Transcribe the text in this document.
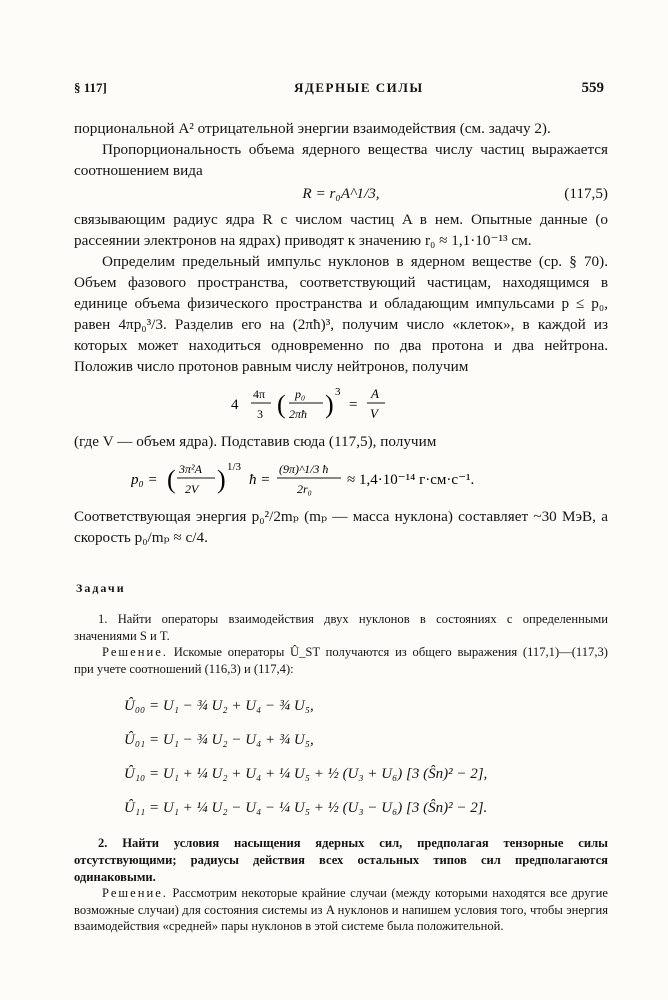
§ 117]	ЯДЕРНЫЕ СИЛЫ	559

порциональной A² отрицательной энергии взаимодействия (см. задачу 2).

Пропорциональность объема ядерного вещества числу частиц выражается соотношением вида

R = r₀A^1/3,	(117,5)

связывающим радиус ядра R с числом частиц A в нем. Опытные данные (о рассеянии электронов на ядрах) приводят к значению r₀ ≈ 1,1·10⁻¹³ см.

Определим предельный импульс нуклонов в ядерном веществе (ср. § 70). Объем фазового пространства, соответствующий частицам, находящимся в единице объема физического пространства и обладающим импульсами p ≤ p₀, равен 4πp₀³/3. Разделив его на (2πħ)³, получим число «клеток», в каждой из которых может находиться одновременно по два протона и два нейтрона. Положив число протонов равным числу нейтронов, получим

4
4π
3 ( p₀
2πħ ) 3
=
A
V

(где V — объем ядра). Подставив сюда (117,5), получим

p₀ = ( 3π²A
2V ) 1/3
ħ =
(9π)^1/3 ħ
2r₀
≈ 1,4·10⁻¹⁴ г·см·с⁻¹.

Соответствующая энергия p₀²/2mₚ (mₚ — масса нуклона) составляет ~30 МэВ, а скорость p₀/mₚ ≈ c/4.

Задачи

1. Найти операторы взаимодействия двух нуклонов в состояниях с определенными значениями S и T.

Решение. Искомые операторы Û_ST получаются из общего выражения (117,1)—(117,3) при учете соотношений (116,3) и (117,4):

Û₀₀ = U₁ − ¾ U₂ + U₄ − ¾ U₅,
Û₀₁ = U₁ − ¾ U₂ − U₄ + ¾ U₅,
Û₁₀ = U₁ + ¼ U₂ + U₄ + ¼ U₅ + ½ (U₃ + U₆) [3 (Ŝn)² − 2],
Û₁₁ = U₁ + ¼ U₂ − U₄ − ¼ U₅ + ½ (U₃ − U₆) [3 (Ŝn)² − 2].

2. Найти условия насыщения ядерных сил, предполагая тензорные силы отсутствующими; радиусы действия всех остальных типов сил предполагаются одинаковыми.

Решение. Рассмотрим некоторые крайние случаи (между которыми находятся все другие возможные случаи) для состояния системы из A нуклонов и напишем условия того, чтобы энергия взаимодействия «средней» пары нуклонов в этой системе была положительной.
